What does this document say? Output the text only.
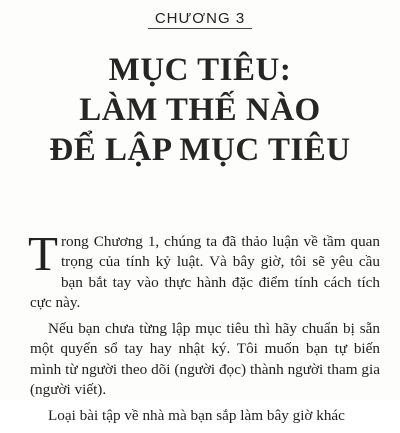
CHƯƠNG 3
MỤC TIÊU:
LÀM THẾ NÀO
ĐỂ LẬP MỤC TIÊU

Trong Chương 1, chúng ta đã thảo luận về tầm quan trọng của tính kỷ luật. Và bây giờ, tôi sẽ yêu cầu bạn bắt tay vào thực hành đặc điểm tính cách tích cực này.

Nếu bạn chưa từng lập mục tiêu thì hãy chuẩn bị sẵn một quyển sổ tay hay nhật ký. Tôi muốn bạn tự biến mình từ người theo dõi (người đọc) thành người tham gia (người viết).

Loại bài tập về nhà mà bạn sắp làm bây giờ khác
